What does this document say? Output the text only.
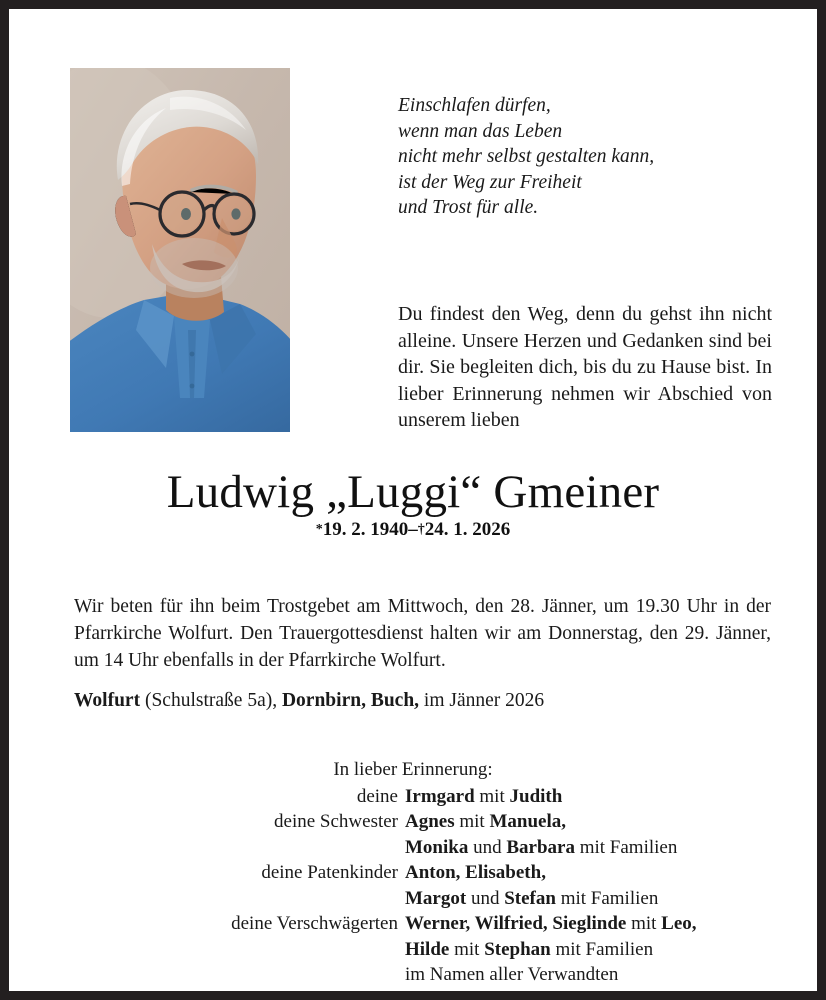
Einschlafen dürfen,
wenn man das Leben
nicht mehr selbst gestalten kann,
ist der Weg zur Freiheit
und Trost für alle.
Du findest den Weg, denn du gehst ihn nicht alleine. Unsere Herzen und Gedanken sind bei dir. Sie begleiten dich, bis du zu Hause bist. In lieber Erinnerung nehmen wir Abschied von unserem lieben
Ludwig „Luggi“ Gmeiner
*19. 2. 1940–†24. 1. 2026
Wir beten für ihn beim Trostgebet am Mittwoch, den 28. Jänner, um 19.30 Uhr in der Pfarrkirche Wolfurt. Den Trauergottesdienst halten wir am Donnerstag, den 29. Jänner, um 14 Uhr ebenfalls in der Pfarrkirche Wolfurt.
Wolfurt (Schulstraße 5a), Dornbirn, Buch, im Jänner 2026
In lieber Erinnerung:
deine Irmgard mit Judith
deine Schwester Agnes mit Manuela,
Monika und Barbara mit Familien
deine Patenkinder Anton, Elisabeth,
Margot und Stefan mit Familien
deine Verschwägerten Werner, Wilfried, Sieglinde mit Leo,
Hilde mit Stephan mit Familien
im Namen aller Verwandten
